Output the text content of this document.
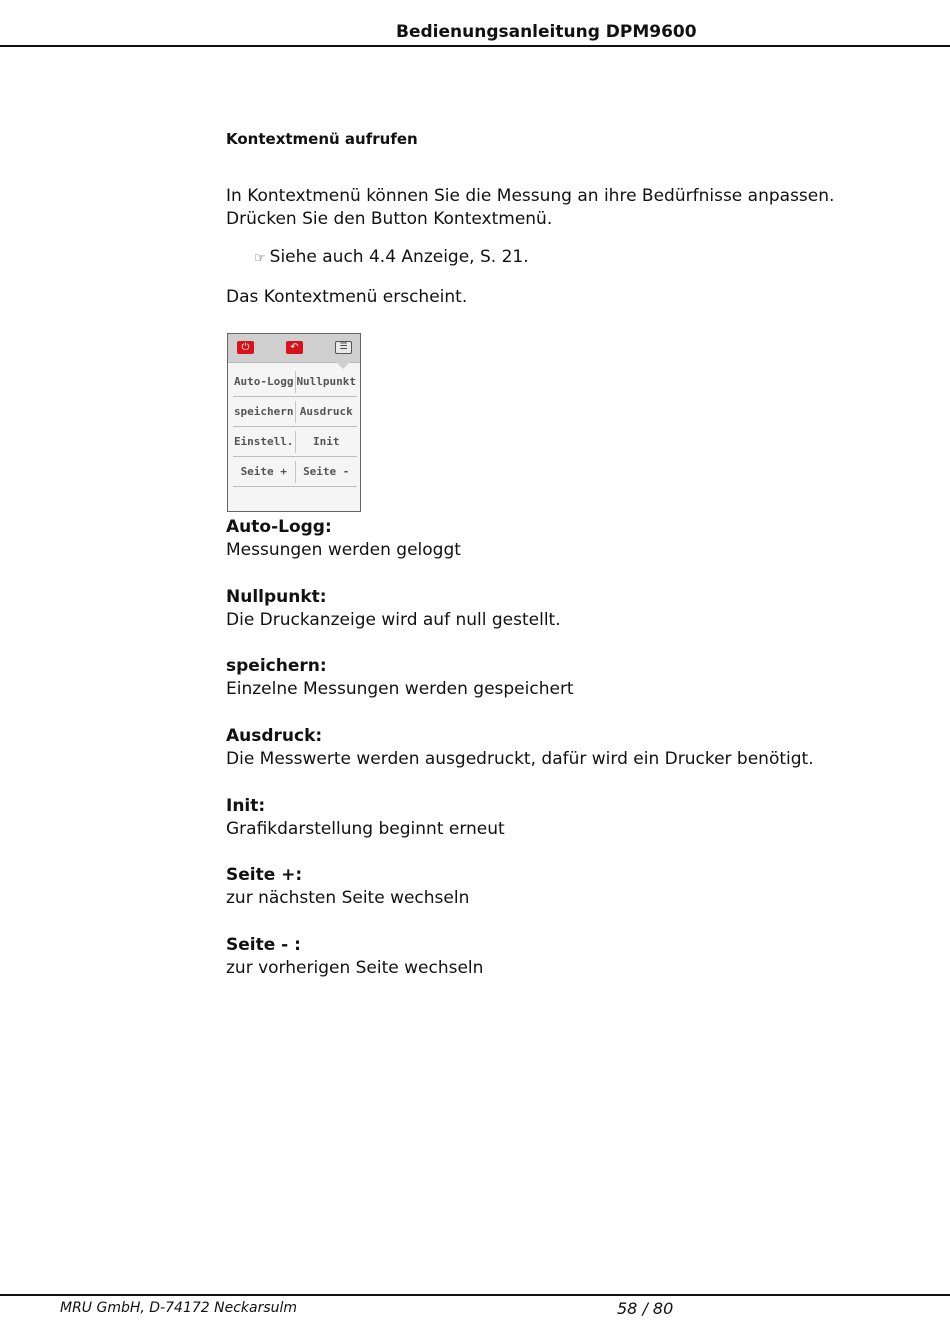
Bedienungsanleitung DPM9600
Kontextmenü aufrufen
In Kontextmenü können Sie die Messung an ihre Bedürfnisse anpassen.
Drücken Sie den Button Kontextmenü.
☞ Siehe auch 4.4 Anzeige, S. 21.
Das Kontextmenü erscheint.
⏻	↶	☰
Auto-Logg Nullpunkt
speichern Ausdruck
Einstell.	Init
Seite +	Seite -
Auto-Logg:
Messungen werden geloggt
Nullpunkt:
Die Druckanzeige wird auf null gestellt.
speichern:
Einzelne Messungen werden gespeichert
Ausdruck:
Die Messwerte werden ausgedruckt, dafür wird ein Drucker benötigt.
Init:
Grafikdarstellung beginnt erneut
Seite +:
zur nächsten Seite wechseln
Seite - :
zur vorherigen Seite wechseln
MRU GmbH, D-74172 Neckarsulm	58 / 80
